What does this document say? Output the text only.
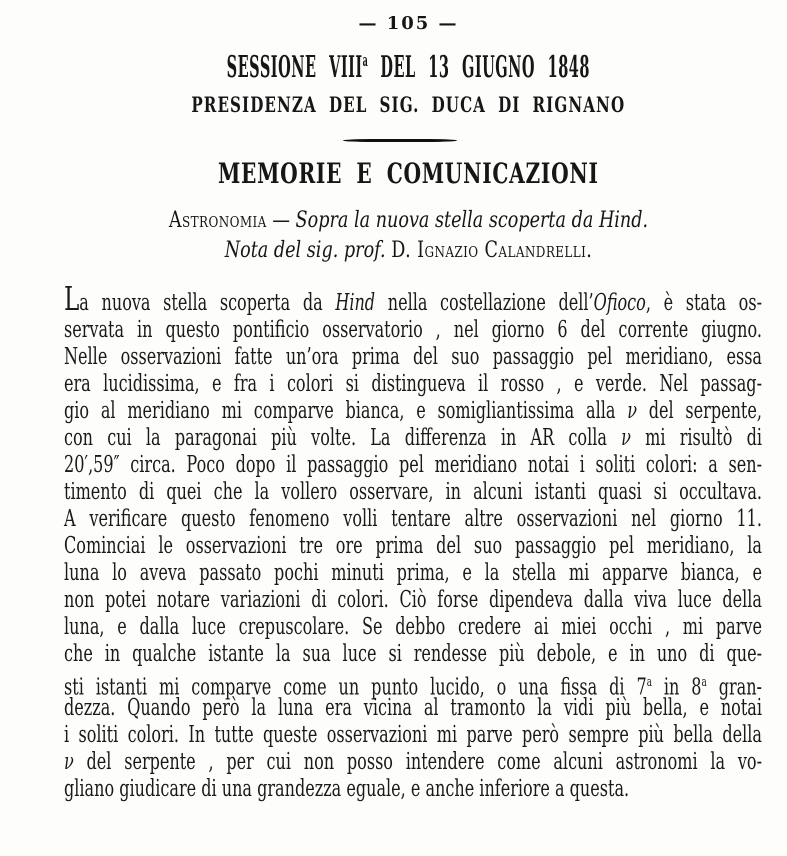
— 105 —
SESSIONE VIII$^a$ DEL 13 GIUGNO 1848
PRESIDENZA DEL SIG. DUCA DI RIGNANO
MEMORIE E COMUNICAZIONI
Astronomia — Sopra la nuova stella scoperta da Hind.
Nota del sig. prof. D. Ignazio Calandrelli.
La nuova stella scoperta da Hind nella costellazione dell’Ofioco, è stata os-
servata in questo pontificio osservatorio , nel giorno 6 del corrente giugno.
Nelle osservazioni fatte un’ora prima del suo passaggio pel meridiano, essa
era lucidissima, e fra i colori si distingueva il rosso , e verde. Nel passag-
gio al meridiano mi comparve bianca, e somigliantissima alla ν del serpente,
con cui la paragonai più volte. La differenza in AR colla ν mi risultò di
20′,59″ circa. Poco dopo il passaggio pel meridiano notai i soliti colori: a sen-
timento di quei che la vollero osservare, in alcuni istanti quasi si occultava.
A verificare questo fenomeno volli tentare altre osservazioni nel giorno 11.
Cominciai le osservazioni tre ore prima del suo passaggio pel meridiano, la
luna lo aveva passato pochi minuti prima, e la stella mi apparve bianca, e
non potei notare variazioni di colori. Ciò forse dipendeva dalla viva luce della
luna, e dalla luce crepuscolare. Se debbo credere ai miei occhi , mi parve
che in qualche istante la sua luce si rendesse più debole, e in uno di que-
sti istanti mi comparve come un punto lucido, o una fissa di 7$^a$ in 8$^a$ gran-
dezza. Quando però la luna era vicina al tramonto la vidi più bella, e notai
i soliti colori. In tutte queste osservazioni mi parve però sempre più bella della
ν del serpente , per cui non posso intendere come alcuni astronomi la vo-
gliano giudicare di una grandezza eguale, e anche inferiore a questa.
